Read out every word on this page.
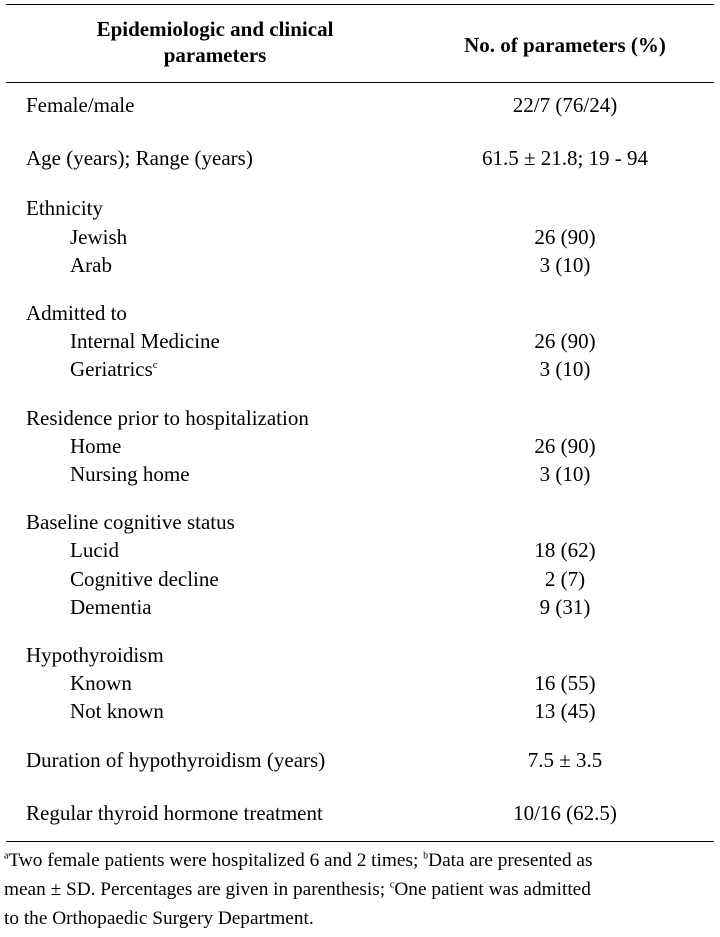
Epidemiologic and clinical
parameters	No. of parameters (%)
Female/male	22/7 (76/24)
Age (years); Range (years)	61.5 ± 21.8; 19 - 94
Ethnicity
Jewish	26 (90)
Arab	3 (10)
Admitted to
Internal Medicine	26 (90)
Geriatrics$^c$	3 (10)
Residence prior to hospitalization
Home	26 (90)
Nursing home	3 (10)
Baseline cognitive status
Lucid	18 (62)
Cognitive decline	2 (7)
Dementia	9 (31)
Hypothyroidism
Known	16 (55)
Not known	13 (45)
Duration of hypothyroidism (years)	7.5 ± 3.5
Regular thyroid hormone treatment	10/16 (62.5)
$^a$Two female patients were hospitalized 6 and 2 times; $^b$Data are presented as
mean ± SD. Percentages are given in parenthesis; $^c$One patient was admitted
to the Orthopaedic Surgery Department.
